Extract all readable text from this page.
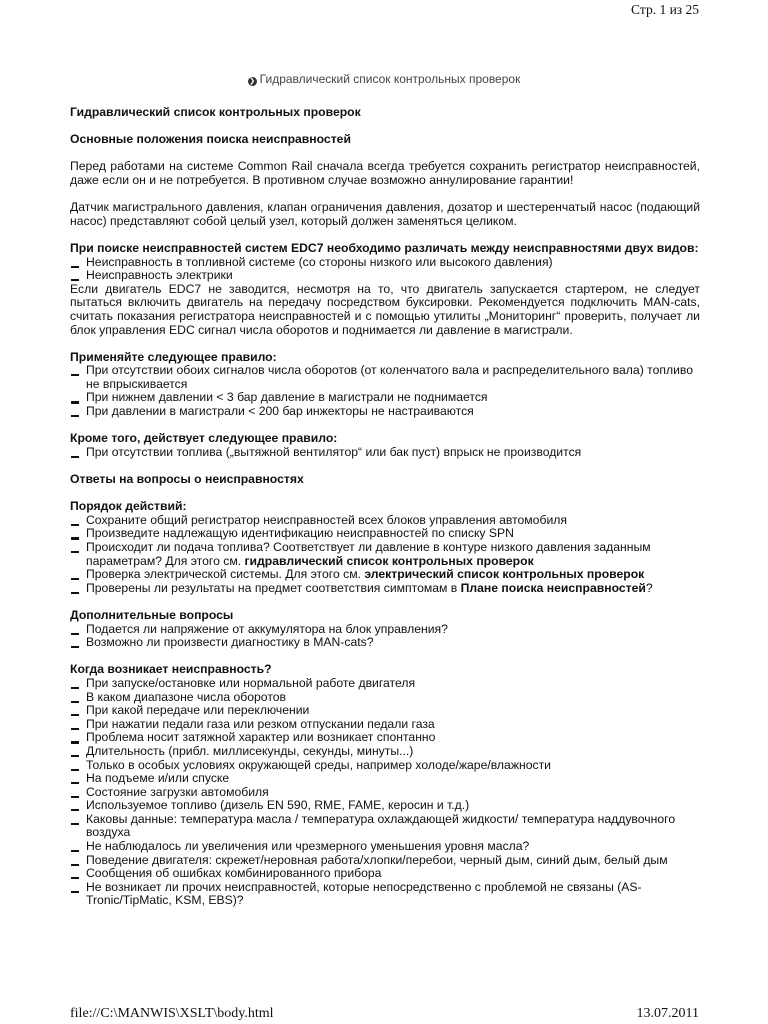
Стр. 1 из 25
❯ Гидравлический список контрольных проверок
Гидравлический список контрольных проверок
Основные положения поиска неисправностей

Перед работами на системе Common Rail сначала всегда требуется сохранить регистратор неисправностей, даже если он и не потребуется. В противном случае возможно аннулирование гарантии!

Датчик магистрального давления, клапан ограничения давления, дозатор и шестеренчатый насос (подающий насос) представляют собой целый узел, который должен заменяться целиком.

При поиске неисправностей систем EDC7 необходимо различать между неисправностями двух видов:
Неисправность в топливной системе (со стороны низкого или высокого давления)
Неисправность электрики

Если двигатель EDC7 не заводится, несмотря на то, что двигатель запускается стартером, не следует пытаться включить двигатель на передачу посредством буксировки. Рекомендуется подключить MAN-cats, считать показания регистратора неисправностей и с помощью утилиты „Мониторинг“ проверить, получает ли блок управления EDC сигнал числа оборотов и поднимается ли давление в магистрали.

Применяйте следующее правило:
При отсутствии обоих сигналов числа оборотов (от коленчатого вала и распределительного вала) топливо не впрыскивается
При нижнем давлении < 3 бар давление в магистрали не поднимается
При давлении в магистрали < 200 бар инжекторы не настраиваются
Кроме того, действует следующее правило:
При отсутствии топлива („вытяжной вентилятор“ или бак пуст) впрыск не производится
Ответы на вопросы о неисправностях
Порядок действий:
Сохраните общий регистратор неисправностей всех блоков управления автомобиля
Произведите надлежащую идентификацию неисправностей по списку SPN
Происходит ли подача топлива? Соответствует ли давление в контуре низкого давления заданным параметрам? Для этого см. гидравлический список контрольных проверок
Проверка электрической системы. Для этого см. электрический список контрольных проверок
Проверены ли результаты на предмет соответствия симптомам в Плане поиска неисправностей?
Дополнительные вопросы
Подается ли напряжение от аккумулятора на блок управления?
Возможно ли произвести диагностику в MAN-cats?
Когда возникает неисправность?
При запуске/остановке или нормальной работе двигателя
В каком диапазоне числа оборотов
При какой передаче или переключении
При нажатии педали газа или резком отпускании педали газа
Проблема носит затяжной характер или возникает спонтанно
Длительность (прибл. миллисекунды, секунды, минуты...)
Только в особых условиях окружающей среды, например холоде/жаре/влажности
На подъеме и/или спуске
Состояние загрузки автомобиля
Используемое топливо (дизель EN 590, RME, FAME, керосин и т.д.)
Каковы данные: температура масла / температура охлаждающей жидкости/ температура наддувочного воздуха
Не наблюдалось ли увеличения или чрезмерного уменьшения уровня масла?
Поведение двигателя: скрежет/неровная работа/хлопки/перебои, черный дым, синий дым, белый дым
Сообщения об ошибках комбинированного прибора
Не возникает ли прочих неисправностей, которые непосредственно с проблемой не связаны (AS-Tronic/TipMatic, KSM, EBS)?
file://C:\MANWIS\XSLT\body.html	13.07.2011
